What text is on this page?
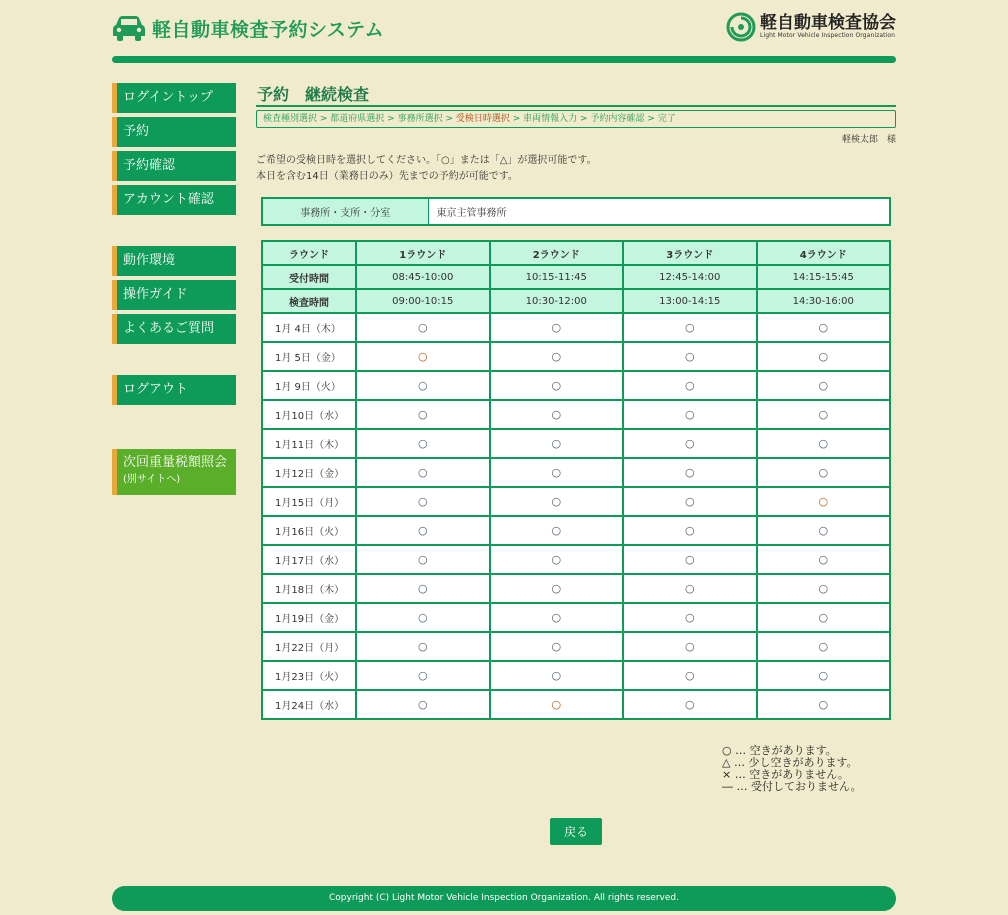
軽自動車検査予約システム	軽自動車検査協会
Light Motor Vehicle Inspection Organization
ログイントップ
予約
予約確認
アカウント確認
動作環境
操作ガイド
よくあるご質問
ログアウト
次回重量税額照会
(別サイトへ)
予約　継続検査
検査種別選択 > 都道府県選択 > 事務所選択 > 受検日時選択 > 車両情報入力 > 予約内容確認 > 完了
軽検太郎　様
ご希望の受検日時を選択してください。「○」または「△」が選択可能です。
本日を含む14日（業務日のみ）先までの予約が可能です。
事務所・支所・分室	東京主管事務所
ラウンド	1ラウンド	2ラウンド	3ラウンド	4ラウンド
受付時間	08:45-10:00	10:15-11:45	12:45-14:00	14:15-15:45
検査時間	09:00-10:15	10:30-12:00	13:00-14:15	14:30-16:00
1月 4日（木）	○	○	○	○
1月 5日（金）	○	○	○	○
1月 9日（火）	○	○	○	○
1月10日（水）	○	○	○	○
1月11日（木）	○	○	○	○
1月12日（金）	○	○	○	○
1月15日（月）	○	○	○	○
1月16日（火）	○	○	○	○
1月17日（水）	○	○	○	○
1月18日（木）	○	○	○	○
1月19日（金）	○	○	○	○
1月22日（月）	○	○	○	○
1月23日（火）	○	○	○	○
1月24日（水）	○	○	○	○
○ … 空きがあります。
△ … 少し空きがあります。
× … 空きがありません。
― … 受付しておりません。
戻る
Copyright (C) Light Motor Vehicle Inspection Organization. All rights reserved.
